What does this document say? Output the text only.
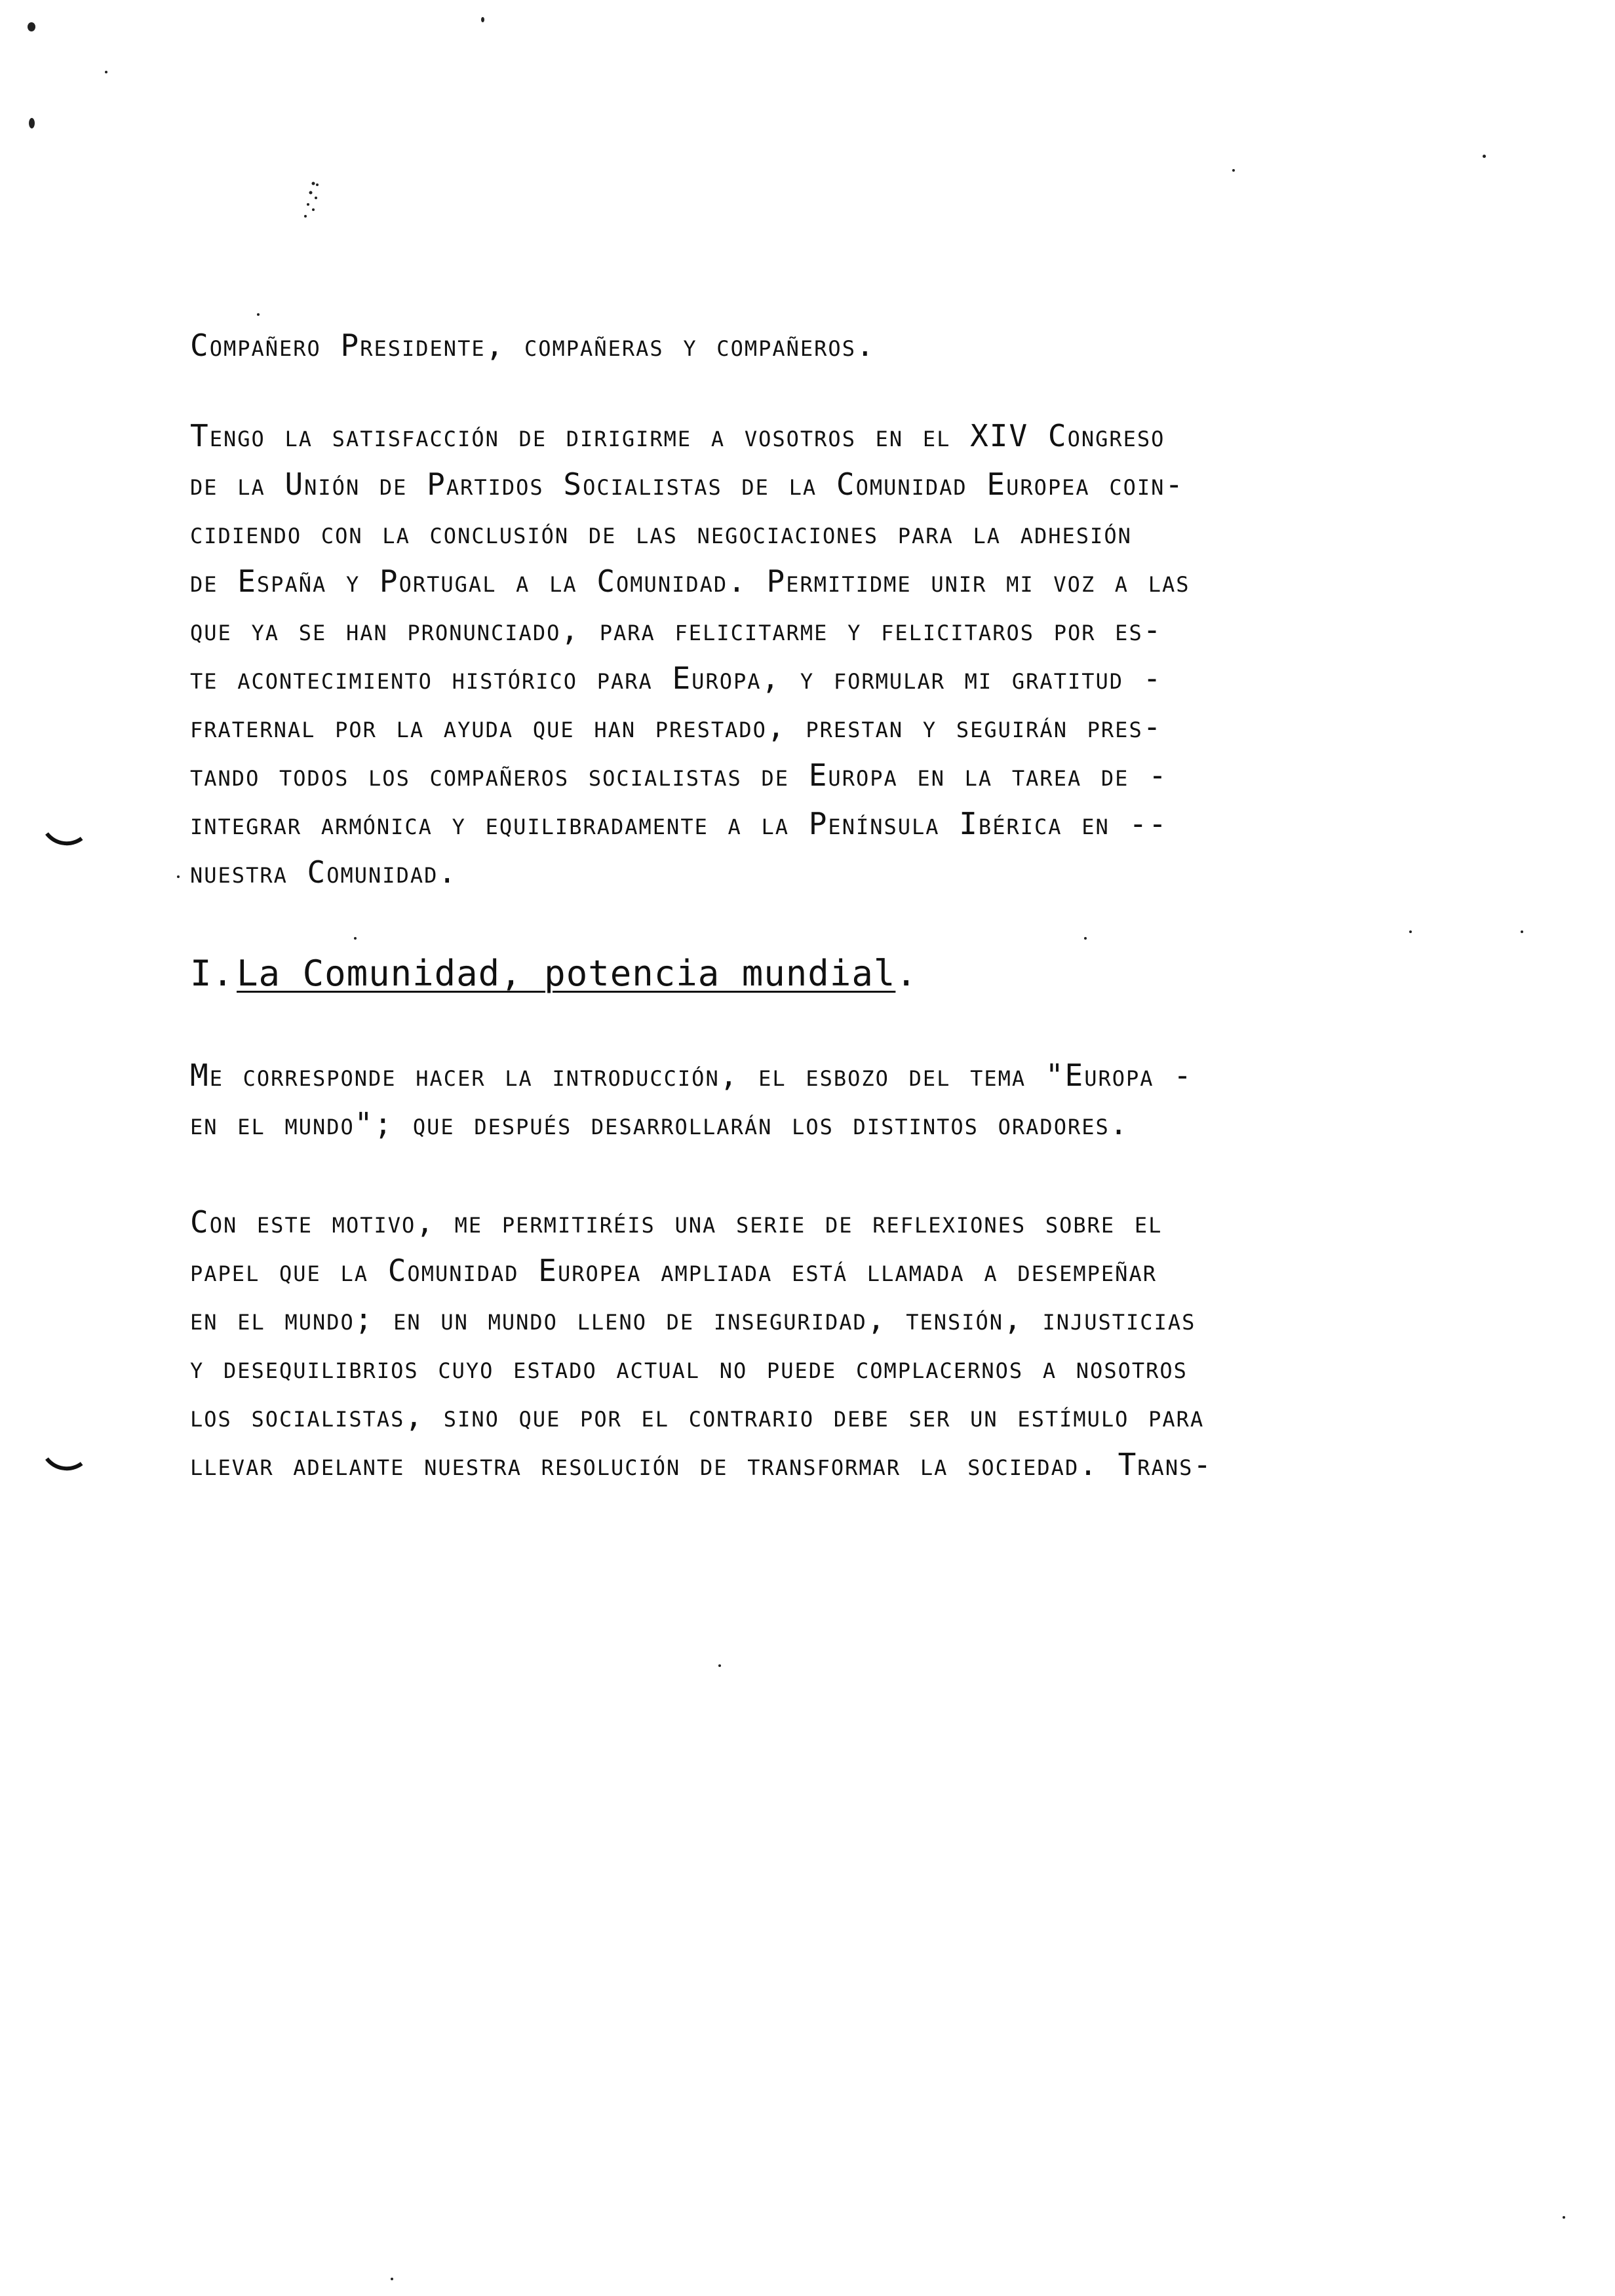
Compañero Presidente, compañeras y compañeros.
Tengo la satisfacción de dirigirme a vosotros en el XIV Congreso
de la Unión de Partidos Socialistas de la Comunidad Europea coin-
cidiendo con la conclusión de las negociaciones para la adhesión
de España y Portugal a la Comunidad. Permitidme unir mi voz a las
que ya se han pronunciado, para felicitarme y felicitaros por es-
te acontecimiento histórico para Europa, y formular mi gratitud -
fraternal por la ayuda que han prestado, prestan y seguirán pres-
tando todos los compañeros socialistas de Europa en la tarea de -
integrar armónica y equilibradamente a la Península Ibérica en --
nuestra Comunidad.
I.La Comunidad, potencia mundial.
Me corresponde hacer la introducción, el esbozo del tema "Europa -
en el mundo"; que después desarrollarán los distintos oradores.
Con este motivo, me permitiréis una serie de reflexiones sobre el
papel que la Comunidad Europea ampliada está llamada a desempeñar
en el mundo; en un mundo lleno de inseguridad, tensión, injusticias
y desequilibrios cuyo estado actual no puede complacernos a nosotros
los socialistas, sino que por el contrario debe ser un estímulo para
llevar adelante nuestra resolución de transformar la sociedad. Trans-
